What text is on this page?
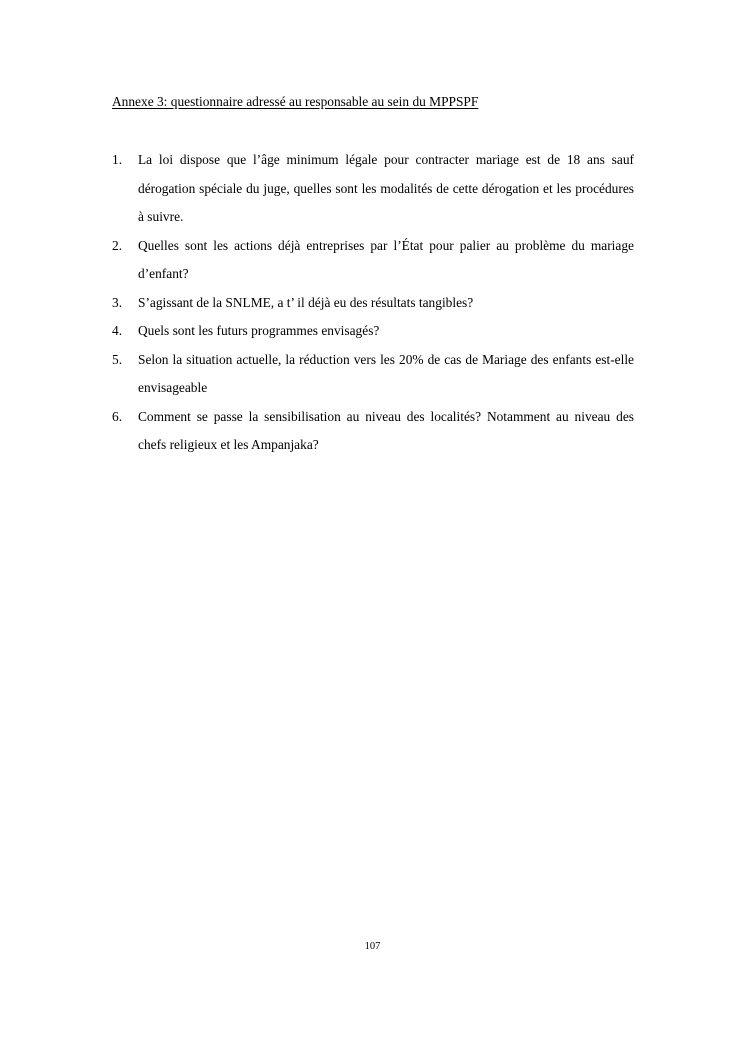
Annexe 3: questionnaire adressé au responsable au sein du MPPSPF

1.	La loi dispose que l’âge minimum légale pour contracter mariage est de 18 ans sauf dérogation spéciale du juge, quelles sont les modalités de cette dérogation et les procédures à suivre.
2.	Quelles sont les actions déjà entreprises par l’État pour palier au problème du mariage d’enfant?
3.	S’agissant de la SNLME, a t’ il déjà eu des résultats tangibles?
4.	Quels sont les futurs programmes envisagés?
5.	Selon la situation actuelle, la réduction vers les 20% de cas de Mariage des enfants est-elle envisageable
6.	Comment se passe la sensibilisation au niveau des localités? Notamment au niveau des chefs religieux et les Ampanjaka?
107
